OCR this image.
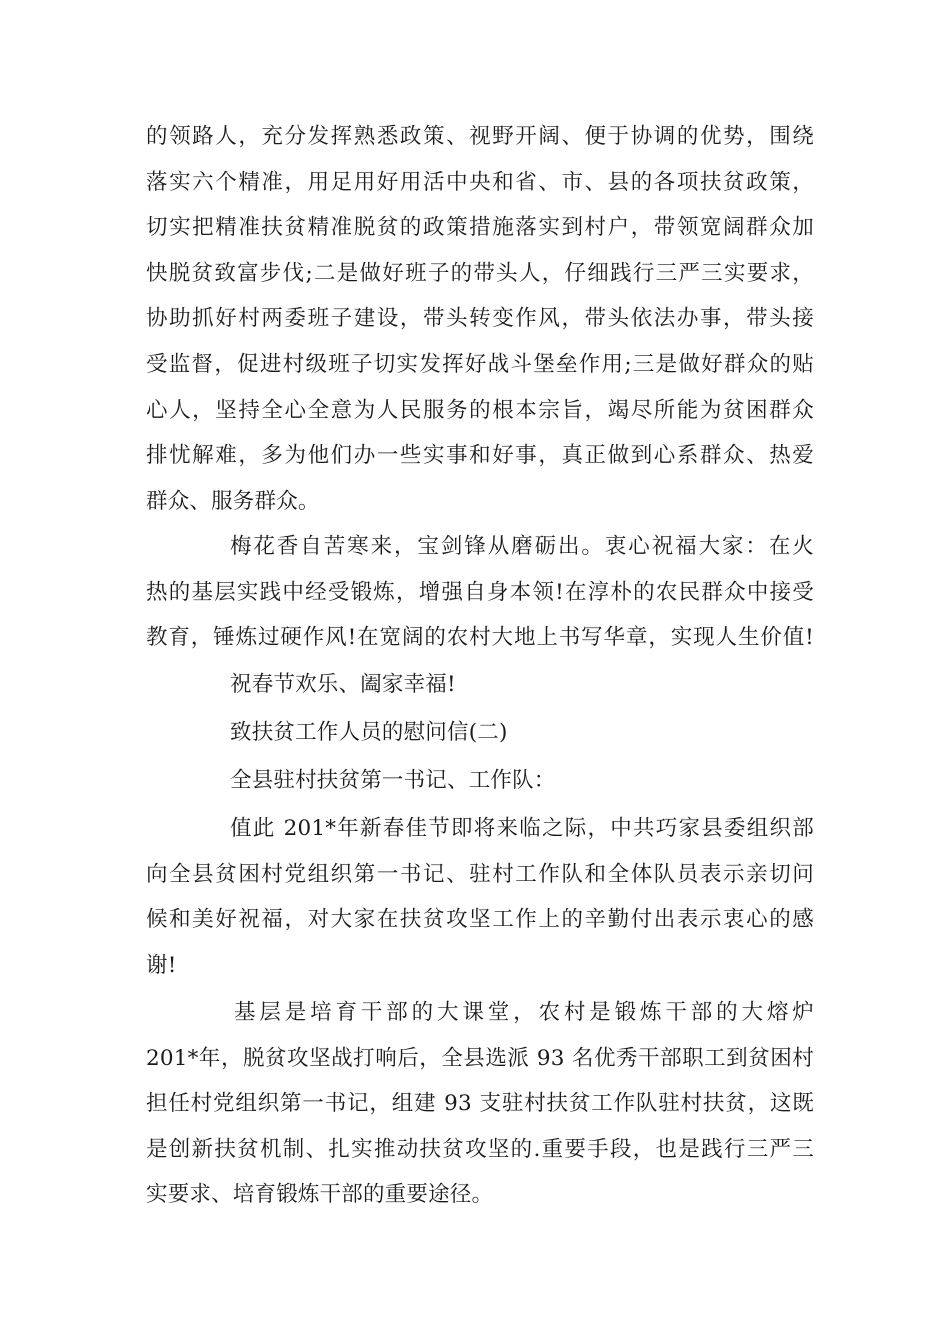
的领路人，充分发挥熟悉政策、视野开阔、便于协调的优势，围绕
落实六个精准，用足用好用活中央和省、市、县的各项扶贫政策，
切实把精准扶贫精准脱贫的政策措施落实到村户，带领宽阔群众加
快脱贫致富步伐;二是做好班子的带头人，仔细践行三严三实要求，
协助抓好村两委班子建设，带头转变作风，带头依法办事，带头接
受监督，促进村级班子切实发挥好战斗堡垒作用;三是做好群众的贴
心人，坚持全心全意为人民服务的根本宗旨，竭尽所能为贫困群众
排忧解难，多为他们办一些实事和好事，真正做到心系群众、热爱
群众、服务群众。
梅花香自苦寒来，宝剑锋从磨砺出。衷心祝福大家：在火
热的基层实践中经受锻炼，增强自身本领!在淳朴的农民群众中接受
教育，锤炼过硬作风!在宽阔的农村大地上书写华章，实现人生价值!
祝春节欢乐、阖家幸福!
致扶贫工作人员的慰问信(二)
全县驻村扶贫第一书记、工作队：
值此 201*年新春佳节即将来临之际，中共巧家县委组织部
向全县贫困村党组织第一书记、驻村工作队和全体队员表示亲切问
候和美好祝福，对大家在扶贫攻坚工作上的辛勤付出表示衷心的感
谢!
基层是培育干部的大课堂，农村是锻炼干部的大熔炉
201*年，脱贫攻坚战打响后，全县选派 93 名优秀干部职工到贫困村
担任村党组织第一书记，组建 93 支驻村扶贫工作队驻村扶贫，这既
是创新扶贫机制、扎实推动扶贫攻坚的.重要手段，也是践行三严三
实要求、培育锻炼干部的重要途径。
